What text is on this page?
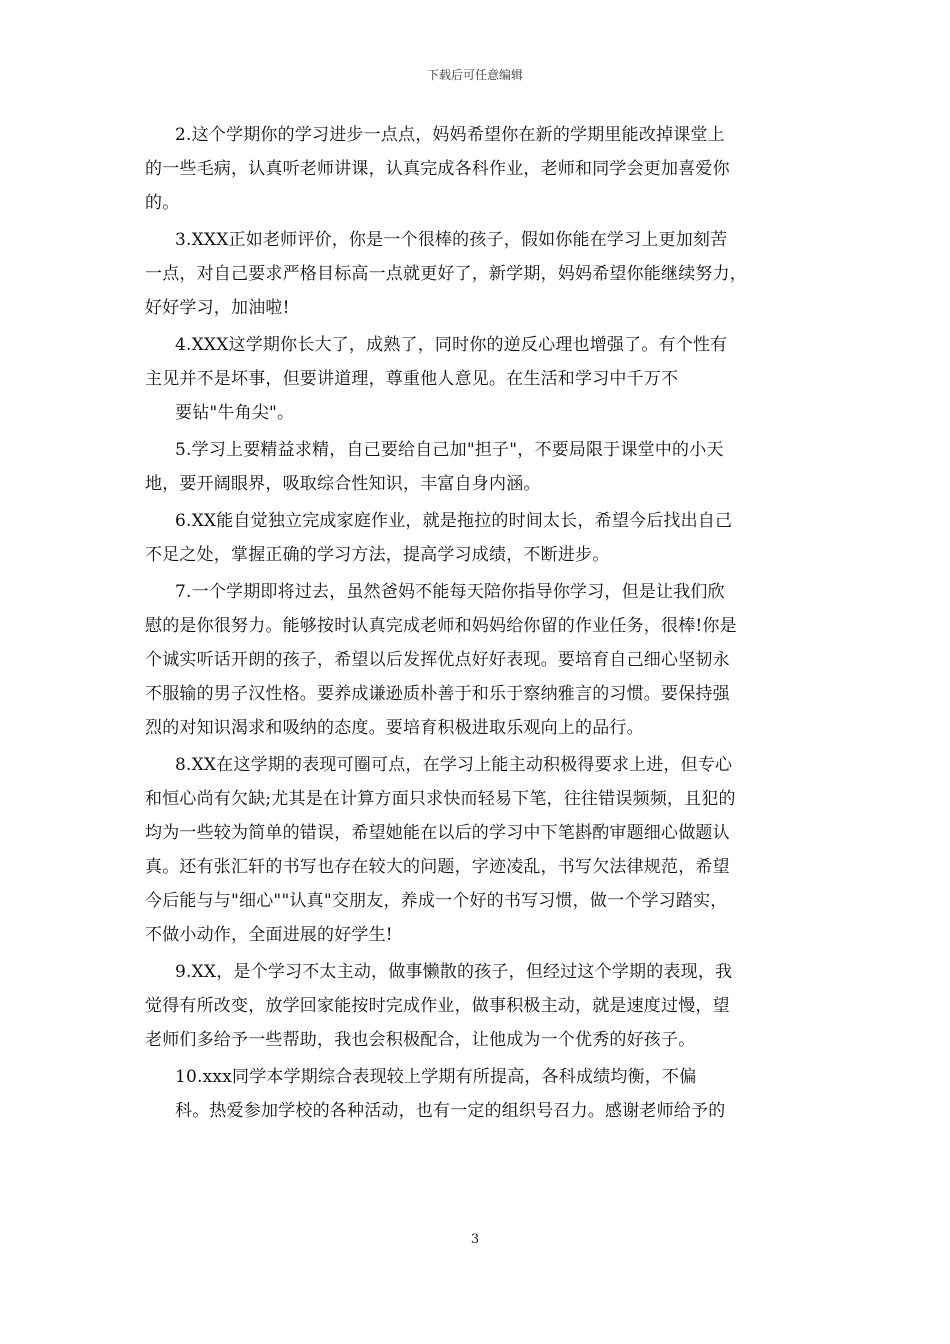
下载后可任意编辑
2.这个学期你的学习进步一点点，妈妈希望你在新的学期里能改掉课堂上
的一些毛病，认真听老师讲课，认真完成各科作业，老师和同学会更加喜爱你
的。
3.XXX正如老师评价，你是一个很棒的孩子，假如你能在学习上更加刻苦
一点，对自己要求严格目标高一点就更好了，新学期，妈妈希望你能继续努力，
好好学习，加油啦!
4.XXX这学期你长大了，成熟了，同时你的逆反心理也增强了。有个性有
主见并不是坏事，但要讲道理，尊重他人意见。在生活和学习中千万不
要钻"牛角尖"。
5.学习上要精益求精，自己要给自己加"担子"，不要局限于课堂中的小天
地，要开阔眼界，吸取综合性知识，丰富自身内涵。
6.XX能自觉独立完成家庭作业，就是拖拉的时间太长，希望今后找出自己
不足之处，掌握正确的学习方法，提高学习成绩，不断进步。
7.一个学期即将过去，虽然爸妈不能每天陪你指导你学习，但是让我们欣
慰的是你很努力。能够按时认真完成老师和妈妈给你留的作业任务，很棒!你是
个诚实听话开朗的孩子，希望以后发挥优点好好表现。要培育自己细心坚韧永
不服输的男子汉性格。要养成谦逊质朴善于和乐于察纳雅言的习惯。要保持强
烈的对知识渴求和吸纳的态度。要培育积极进取乐观向上的品行。
8.XX在这学期的表现可圈可点，在学习上能主动积极得要求上进，但专心
和恒心尚有欠缺;尤其是在计算方面只求快而轻易下笔，往往错误频频，且犯的
均为一些较为简单的错误，希望她能在以后的学习中下笔斟酌审题细心做题认
真。还有张汇轩的书写也存在较大的问题，字迹凌乱，书写欠法律规范，希望
今后能与与"细心""认真"交朋友，养成一个好的书写习惯，做一个学习踏实，
不做小动作，全面进展的好学生!
9.XX，是个学习不太主动，做事懒散的孩子，但经过这个学期的表现，我
觉得有所改变，放学回家能按时完成作业，做事积极主动，就是速度过慢，望
老师们多给予一些帮助，我也会积极配合，让他成为一个优秀的好孩子。
10.xxx同学本学期综合表现较上学期有所提高，各科成绩均衡，不偏
科。热爱参加学校的各种活动，也有一定的组织号召力。感谢老师给予的
3
